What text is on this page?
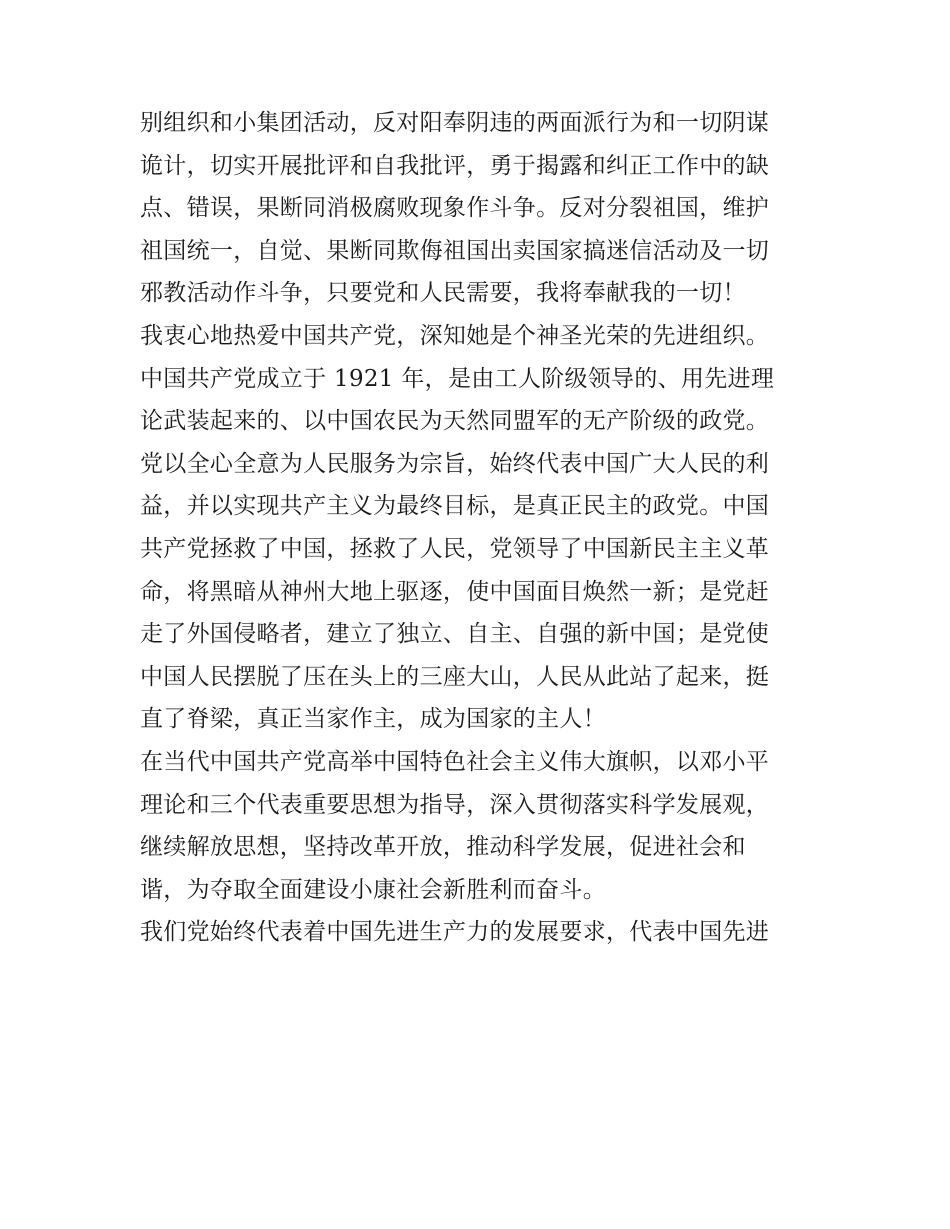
别组织和小集团活动，反对阳奉阴违的两面派行为和一切阴谋
诡计，切实开展批评和自我批评，勇于揭露和纠正工作中的缺
点、错误，果断同消极腐败现象作斗争。反对分裂祖国，维护
祖国统一，自觉、果断同欺侮祖国出卖国家搞迷信活动及一切
邪教活动作斗争，只要党和人民需要，我将奉献我的一切！
我衷心地热爱中国共产党，深知她是个神圣光荣的先进组织。
中国共产党成立于 1921 年，是由工人阶级领导的、用先进理
论武装起来的、以中国农民为天然同盟军的无产阶级的政党。
党以全心全意为人民服务为宗旨，始终代表中国广大人民的利
益，并以实现共产主义为最终目标，是真正民主的政党。中国
共产党拯救了中国，拯救了人民，党领导了中国新民主主义革
命，将黑暗从神州大地上驱逐，使中国面目焕然一新；是党赶
走了外国侵略者，建立了独立、自主、自强的新中国；是党使
中国人民摆脱了压在头上的三座大山，人民从此站了起来，挺
直了脊梁，真正当家作主，成为国家的主人！
在当代中国共产党高举中国特色社会主义伟大旗帜，以邓小平
理论和三个代表重要思想为指导，深入贯彻落实科学发展观，
继续解放思想，坚持改革开放，推动科学发展，促进社会和
谐，为夺取全面建设小康社会新胜利而奋斗。
我们党始终代表着中国先进生产力的发展要求，代表中国先进
